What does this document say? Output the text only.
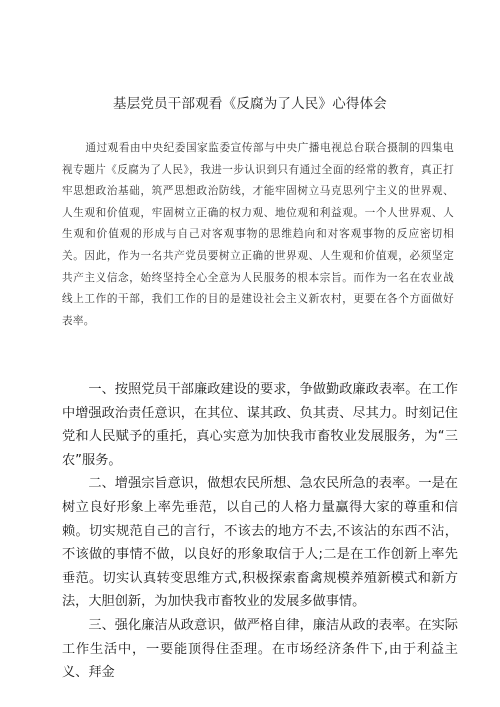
基层党员干部观看《反腐为了人民》心得体会

通过观看由中央纪委国家监委宣传部与中央广播电视总台联合摄制的四集电视专题片《反腐为了人民》，我进一步认识到只有通过全面的经常的教育，真正打牢思想政治基础，筑严思想政治防线，才能牢固树立马克思列宁主义的世界观、人生观和价值观，牢固树立正确的权力观、地位观和利益观。一个人世界观、人生观和价值观的形成与自己对客观事物的思维趋向和对客观事物的反应密切相关。因此，作为一名共产党员要树立正确的世界观、人生观和价值观，必须坚定共产主义信念，始终坚持全心全意为人民服务的根本宗旨。而作为一名在农业战线上工作的干部，我们工作的目的是建设社会主义新农村，更要在各个方面做好表率。

一、按照党员干部廉政建设的要求，争做勤政廉政表率。在工作中增强政治责任意识，在其位、谋其政、负其责、尽其力。时刻记住党和人民赋予的重托，真心实意为加快我市畜牧业发展服务，为“三农”服务。

二、增强宗旨意识，做想农民所想、急农民所急的表率。一是在树立良好形象上率先垂范，以自己的人格力量赢得大家的尊重和信赖。切实规范自己的言行，不该去的地方不去,不该沾的东西不沾，不该做的事情不做，以良好的形象取信于人;二是在工作创新上率先垂范。切实认真转变思维方式,积极探索畜禽规模养殖新模式和新方法，大胆创新，为加快我市畜牧业的发展多做事情。

三、强化廉洁从政意识，做严格自律，廉洁从政的表率。在实际工作生活中，一要能顶得住歪理。在市场经济条件下,由于利益主义、拜金
